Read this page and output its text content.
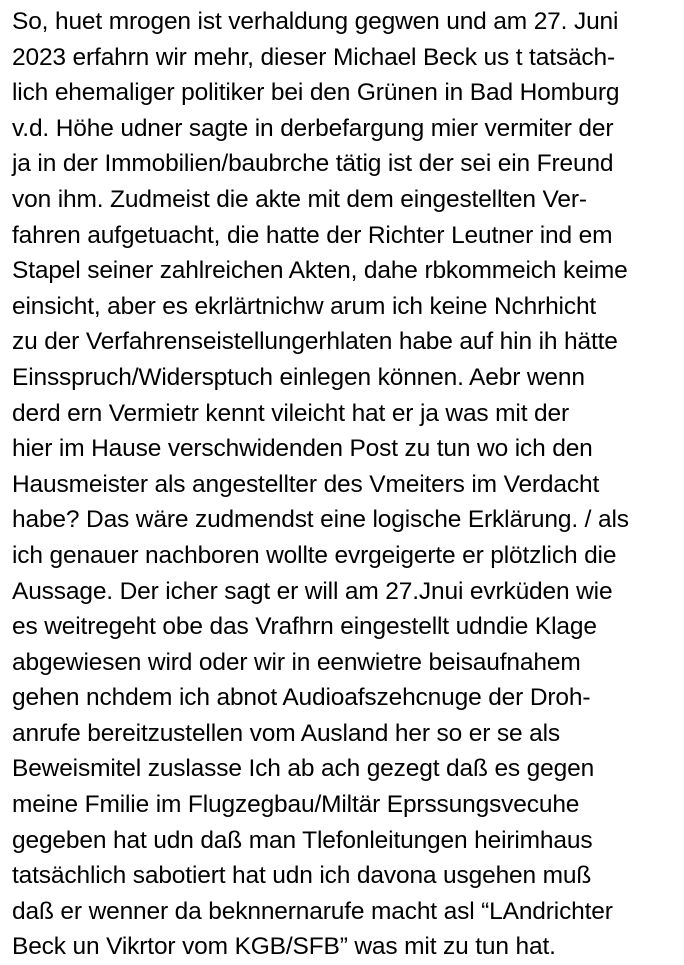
So, huet mrogen ist verhaldung gegwen und am 27. Juni
2023 erfahrn wir mehr, dieser Michael Beck us t tatsäch-
lich ehemaliger politiker bei den Grünen in Bad Homburg
v.d. Höhe udner sagte in derbefargung mier vermiter der
ja in der Immobilien/baubrche tätig ist der sei ein Freund
von ihm. Zudmeist die akte mit dem eingestellten Ver-
fahren aufgetuacht, die hatte der Richter Leutner ind em
Stapel seiner zahlreichen Akten, dahe rbkommeich keime
einsicht, aber es ekrlärtnichw arum ich keine Nchrhicht
zu der Verfahrenseistellungerhlaten habe auf hin ih hätte
Einsspruch/Widersptuch einlegen können. Aebr wenn
derd ern Vermietr kennt vileicht hat er ja was mit der
hier im Hause verschwidenden Post zu tun wo ich den
Hausmeister als angestellter des Vmeiters im Verdacht
habe? Das wäre zudmendst eine logische Erklärung. / als
ich genauer nachboren wollte evrgeigerte er plötzlich die
Aussage. Der icher sagt er will am 27.Jnui evrküden wie
es weitregeht obe das Vrafhrn eingestellt udndie Klage
abgewiesen wird oder wir in eenwietre beisaufnahem
gehen nchdem ich abnot Audioafszehcnuge der Droh-
anrufe bereitzustellen vom Ausland her so er se als
Beweismitel zuslasse Ich ab ach gezegt daß es gegen
meine Fmilie im Flugzegbau/Miltär Eprssungsvecuhe
gegeben hat udn daß man Tlefonleitungen heirimhaus
tatsächlich sabotiert hat udn ich davona usgehen muß
daß er wenner da beknnernarufe macht asl “LAndrichter
Beck un Vikrtor vom KGB/SFB” was mit zu tun hat.
